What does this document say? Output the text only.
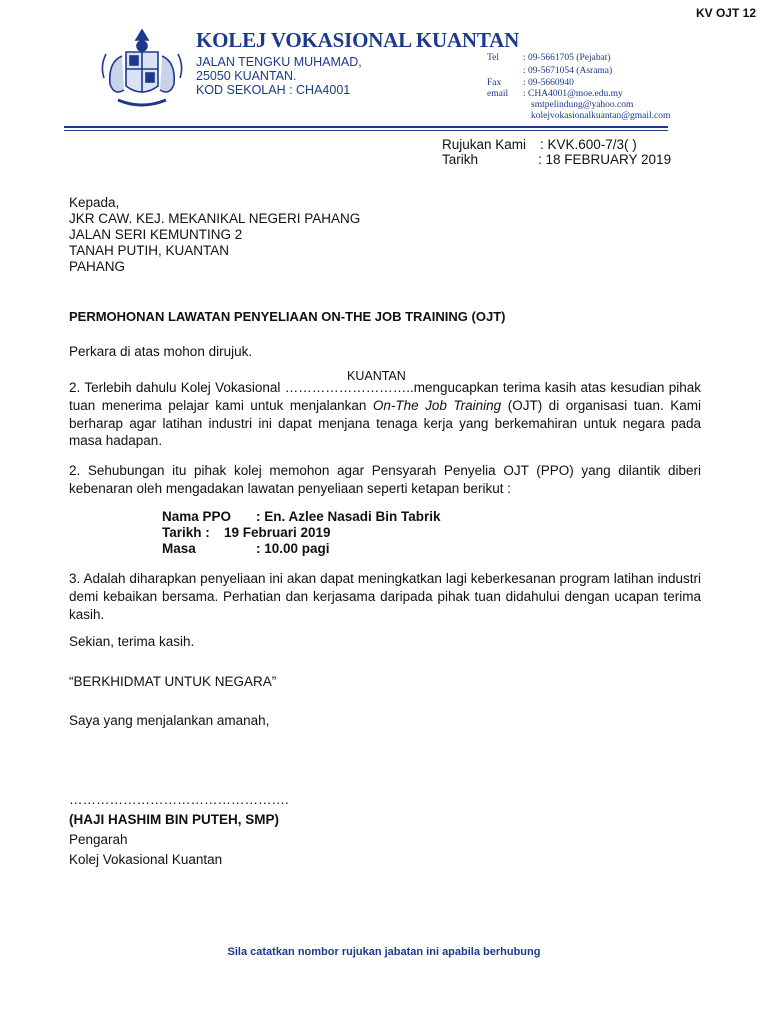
KV OJT 12
KOLEJ VOKASIONAL KUANTAN
JALAN TENGKU MUHAMAD,
25050 KUANTAN.
KOD SEKOLAH : CHA4001
Tel	: 09-5661705 (Pejabat)
: 09-5671054 (Asrama)
Fax : 09-5660940
email : CHA4001@moe.edu.my
smtpelindung@yahoo.com
kolejvokasionalkuantan@gmail.com
Rujukan Kami : KVK.600-7/3( )
Tarikh	: 18 FEBRUARY 2019
Kepada,
JKR CAW. KEJ. MEKANIKAL NEGERI PAHANG
JALAN SERI KEMUNTING 2
TANAH PUTIH, KUANTAN
PAHANG
PERMOHONAN LAWATAN PENYELIAAN ON-THE JOB TRAINING (OJT)
Perkara di atas mohon dirujuk.
KUANTAN
2. Terlebih dahulu Kolej Vokasional ………………………..mengucapkan terima kasih atas kesudian pihak tuan menerima pelajar kami untuk menjalankan On-The Job Training (OJT) di organisasi tuan. Kami berharap agar latihan industri ini dapat menjana tenaga kerja yang berkemahiran untuk negara pada masa hadapan.
2. Sehubungan itu pihak kolej memohon agar Pensyarah Penyelia OJT (PPO) yang dilantik diberi kebenaran oleh mengadakan lawatan penyeliaan seperti ketapan berikut :
Nama PPO : En. Azlee Nasadi Bin Tabrik
Tarikh : 19 Februari 2019
Masa	: 10.00 pagi
3. Adalah diharapkan penyeliaan ini akan dapat meningkatkan lagi keberkesanan program latihan industri demi kebaikan bersama. Perhatian dan kerjasama daripada pihak tuan didahului dengan ucapan terima kasih.
Sekian, terima kasih.
“BERKHIDMAT UNTUK NEGARA”
Saya yang menjalankan amanah,
………………………………………….
(HAJI HASHIM BIN PUTEH, SMP)
Pengarah
Kolej Vokasional Kuantan
Sila catatkan nombor rujukan jabatan ini apabila berhubung
